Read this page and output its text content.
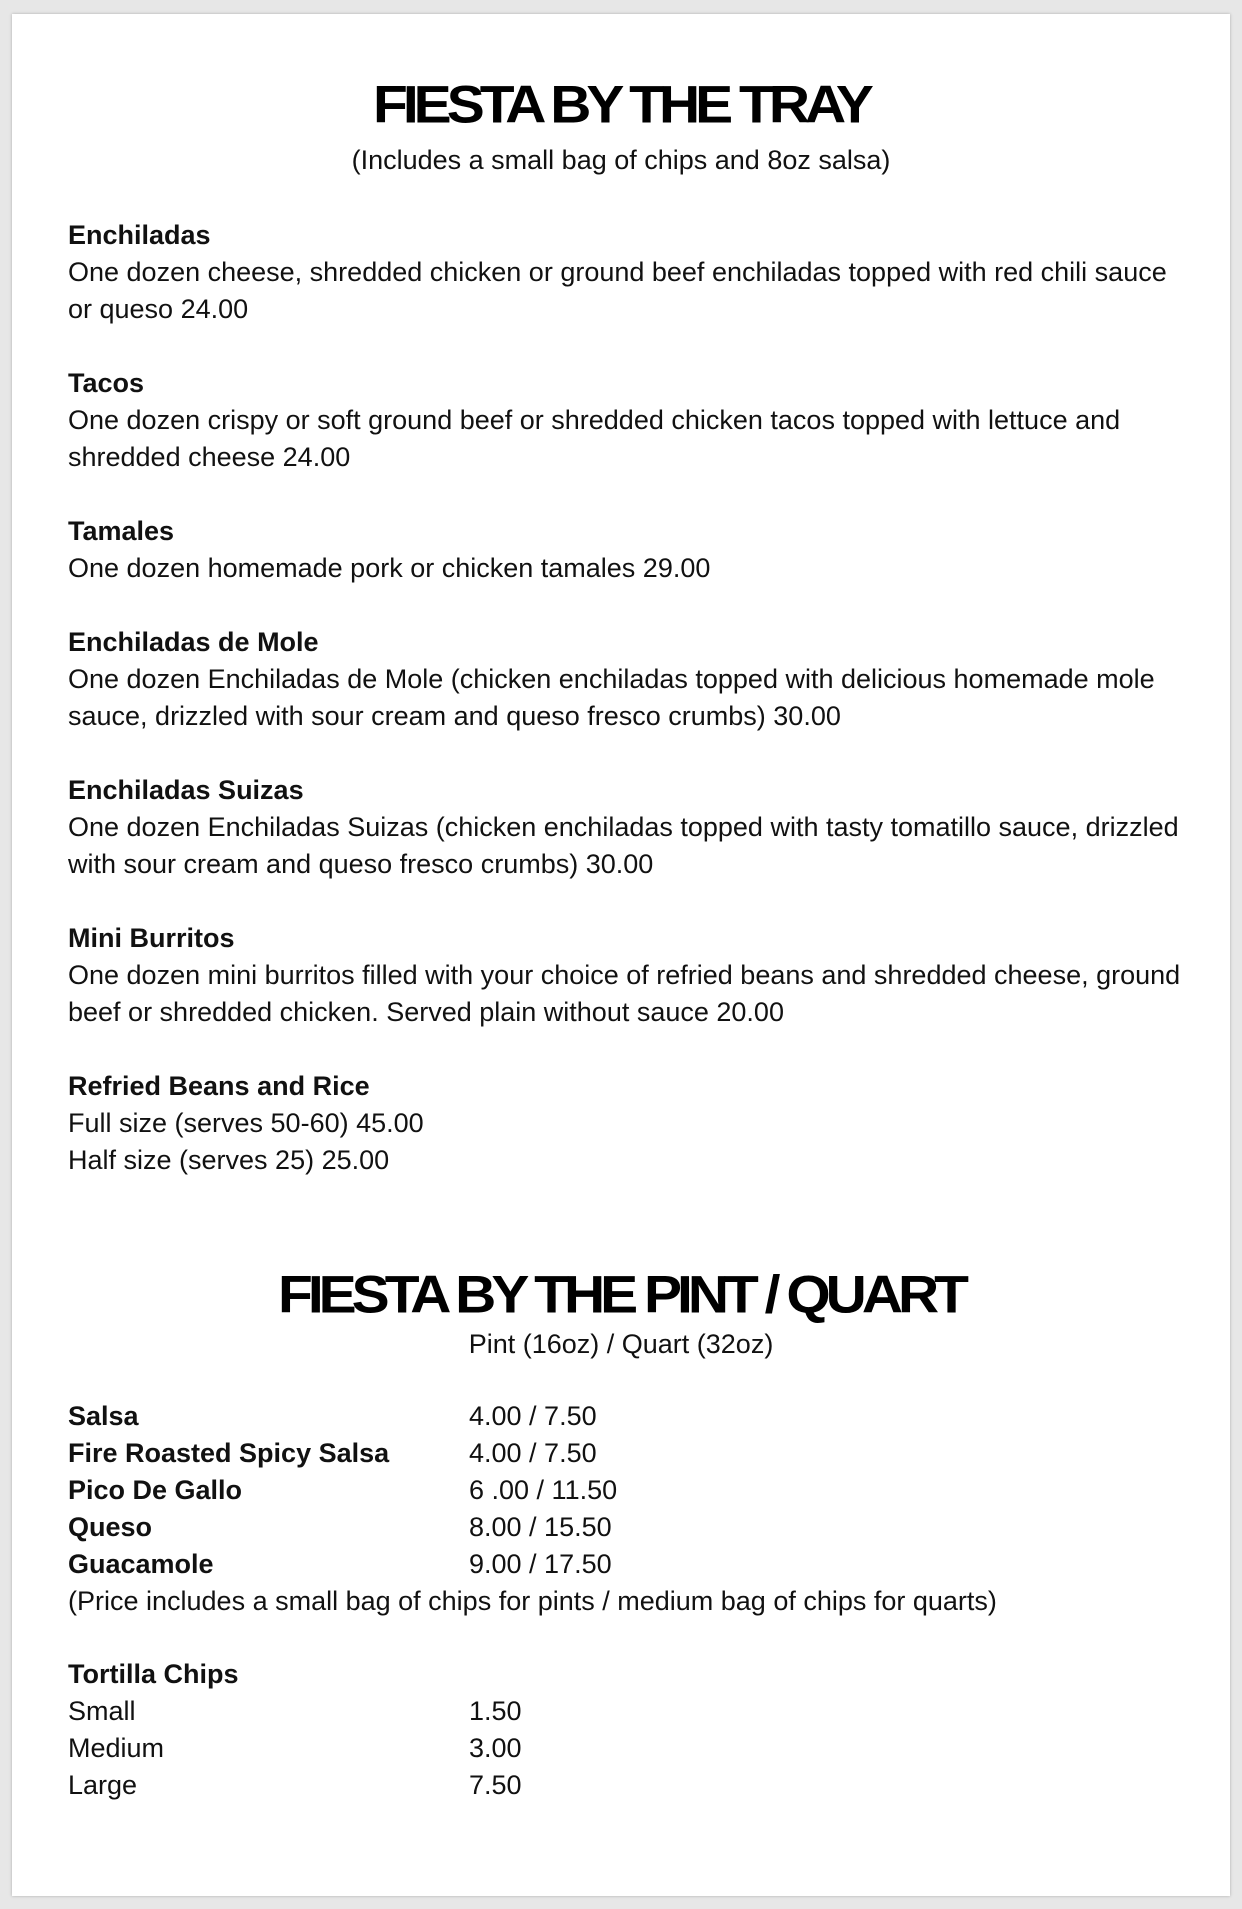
FIESTA BY THE TRAY
(Includes a small bag of chips and 8oz salsa)
Enchiladas
One dozen cheese, shredded chicken or ground beef enchiladas topped with red chili sauce or queso 24.00
Tacos
One dozen crispy or soft ground beef or shredded chicken tacos topped with lettuce and shredded cheese 24.00
Tamales
One dozen homemade pork or chicken tamales 29.00
Enchiladas de Mole
One dozen Enchiladas de Mole (chicken enchiladas topped with delicious homemade mole sauce, drizzled with sour cream and queso fresco crumbs) 30.00
Enchiladas Suizas
One dozen Enchiladas Suizas (chicken enchiladas topped with tasty tomatillo sauce, drizzled with sour cream and queso fresco crumbs) 30.00
Mini Burritos
One dozen mini burritos filled with your choice of refried beans and shredded cheese, ground beef or shredded chicken. Served plain without sauce 20.00
Refried Beans and Rice
Full size (serves 50-60) 45.00
Half size (serves 25) 25.00
FIESTA BY THE PINT / QUART
Pint (16oz) / Quart (32oz)
Salsa	4.00 / 7.50
Fire Roasted Spicy Salsa	4.00 / 7.50
Pico De Gallo	6 .00 / 11.50
Queso	8.00 / 15.50
Guacamole	9.00 / 17.50
(Price includes a small bag of chips for pints / medium bag of chips for quarts)
Tortilla Chips
Small	1.50
Medium	3.00
Large	7.50
